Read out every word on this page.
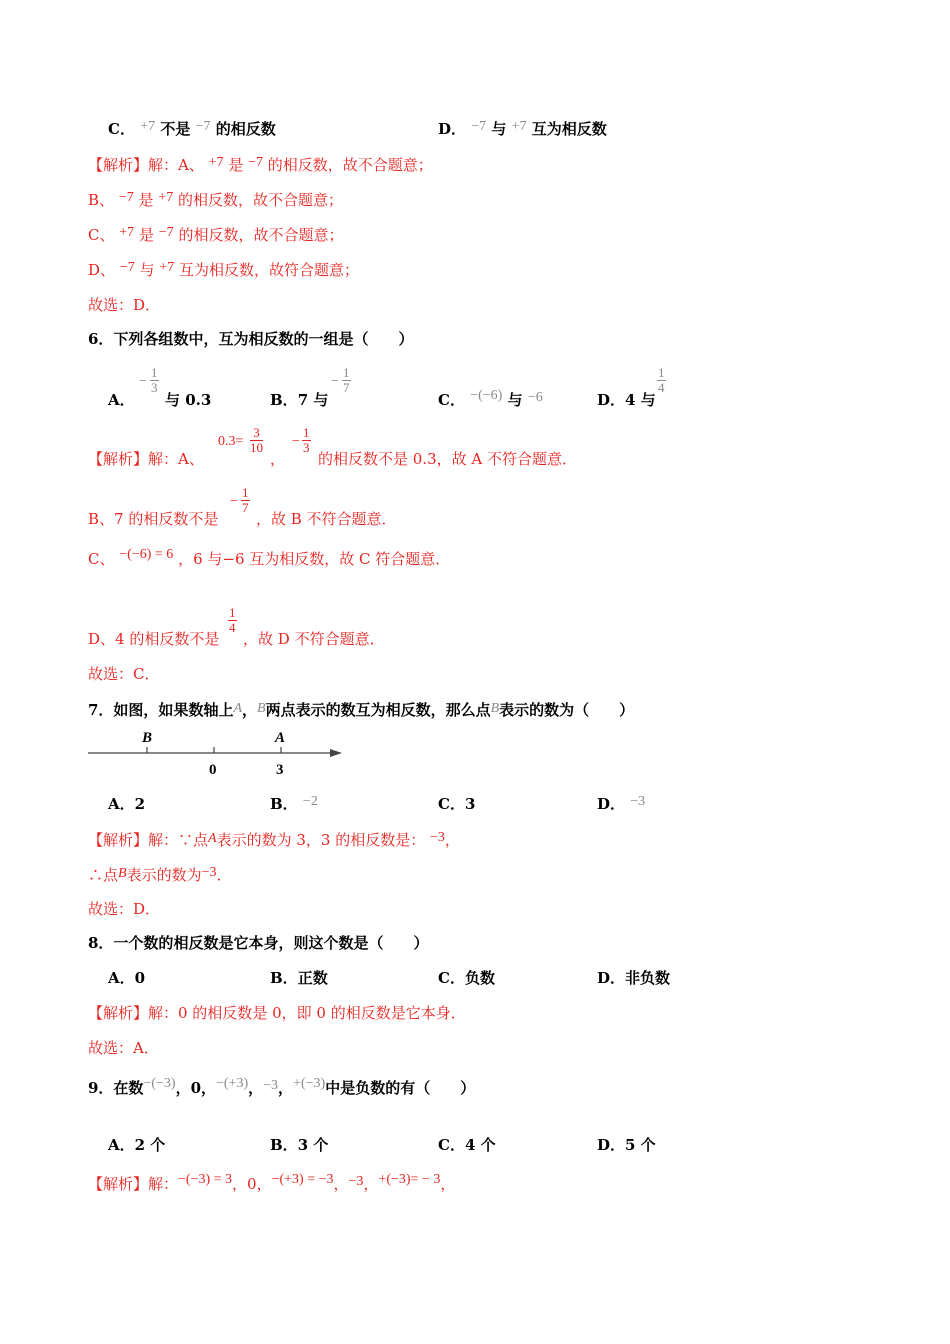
C． +7 不是 −7 的相反数	D． −7 与 +7 互为相反数
【解析】解：A、 +7 是 −7 的相反数，故不合题意；
B、 −7 是 +7 的相反数，故不合题意；
C、 +7 是 −7 的相反数，故不合题意；
D、 −7 与 +7 互为相反数，故符合题意；
故选：D．
6．下列各组数中，互为相反数的一组是（　　）
A．
− $\frac{1}{3}$
与 0.3	B．7 与
− $\frac{1}{7}$
C． −(−6) 与 −6	D．4 与
$\frac{1}{4}$
【解析】解：A、
$0.3= \frac{3}{10}$
，
− $\frac{1}{3}$
的相反数不是 0.3，故 A 不符合题意．
B、7 的相反数不是
− $\frac{1}{7}$
，故 B 不符合题意．
C、 −(−6) = 6 ，6 与−6 互为相反数，故 C 符合题意．
D、4 的相反数不是
$\frac{1}{4}$
，故 D 不符合题意．
故选：C．
7．如图，如果数轴上A，B两点表示的数互为相反数，那么点B表示的数为（　　）
B	A
0	3
A．2	B． −2	C．3	D． −3
【解析】解：∵点A表示的数为 3，3 的相反数是： −3，
∴点B表示的数为−3．
故选：D．
8．一个数的相反数是它本身，则这个数是（　　）
A．0	B．正数	C．负数	D．非负数
【解析】解：0 的相反数是 0，即 0 的相反数是它本身．
故选：A．
9．在数−(−3)，0，−(+3)，−3，+(−3)中是负数的有（　　）
A．2 个	B．3 个	C．4 个	D．5 个
【解析】解：−(−3) = 3，0，−(+3) = −3，−3，+(−3)= − 3，
